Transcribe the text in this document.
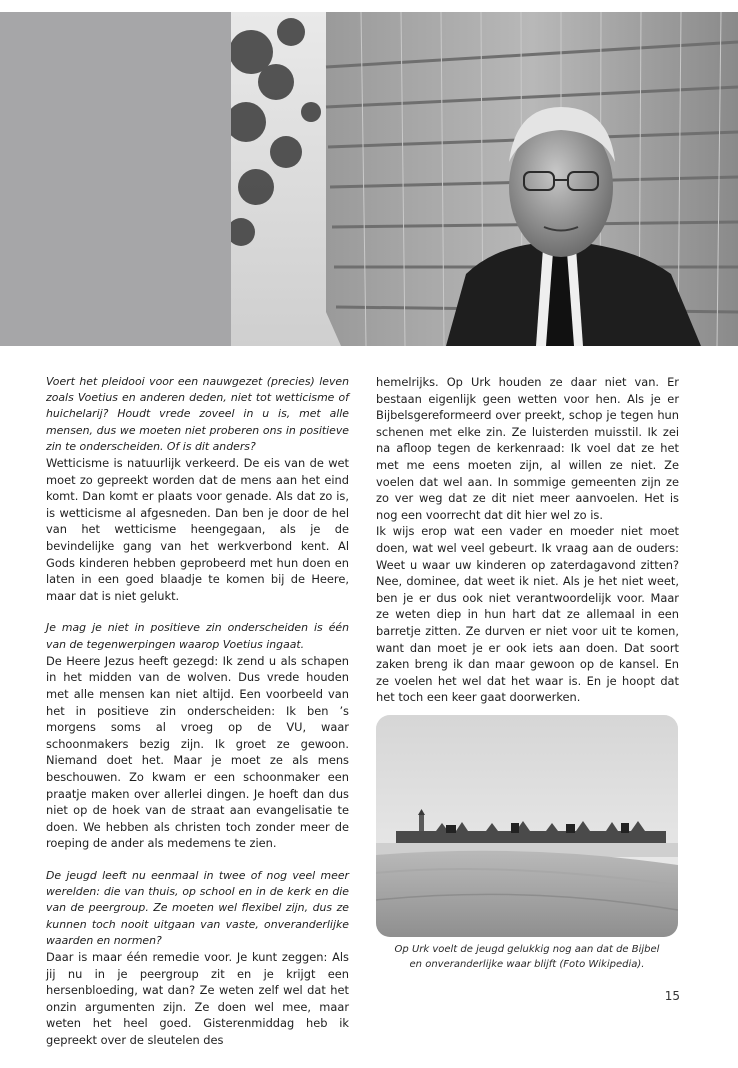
Voert het pleidooi voor een nauwgezet (precies) leven zoals Voetius en anderen deden, niet tot wetticisme of huichelarij? Houdt vrede zoveel in u is, met alle mensen, dus we moeten niet proberen ons in positieve zin te onderscheiden. Of is dit anders?

Wetticisme is natuurlijk verkeerd. De eis van de wet moet zo gepreekt worden dat de mens aan het eind komt. Dan komt er plaats voor genade. Als dat zo is, is wetticisme al afgesneden. Dan ben je door de hel van het wetticisme heengegaan, als je de bevindelijke gang van het werkverbond kent. Al Gods kinderen hebben geprobeerd met hun doen en laten in een goed blaadje te komen bij de Heere, maar dat is niet gelukt.

Je mag je niet in positieve zin onderscheiden is één van de tegenwerpingen waarop Voetius ingaat.

De Heere Jezus heeft gezegd: Ik zend u als schapen in het midden van de wolven. Dus vrede houden met alle mensen kan niet altijd. Een voorbeeld van het in positieve zin onderscheiden: Ik ben ’s morgens soms al vroeg op de VU, waar schoonmakers bezig zijn. Ik groet ze gewoon. Niemand doet het. Maar je moet ze als mens beschouwen. Zo kwam er een schoonmaker een praatje maken over allerlei dingen. Je hoeft dan dus niet op de hoek van de straat aan evangelisatie te doen. We hebben als christen toch zonder meer de roeping de ander als medemens te zien.

De jeugd leeft nu eenmaal in twee of nog veel meer werelden: die van thuis, op school en in de kerk en die van de peergroup. Ze moeten wel flexibel zijn, dus ze kunnen toch nooit uitgaan van vaste, onveranderlijke waarden en normen?

Daar is maar één remedie voor. Je kunt zeggen: Als jij nu in je peergroup zit en je krijgt een hersenbloeding, wat dan? Ze weten zelf wel dat het onzin argumenten zijn. Ze doen wel mee, maar weten het heel goed. Gisterenmiddag heb ik gepreekt over de sleutelen des

hemelrijks. Op Urk houden ze daar niet van. Er bestaan eigenlijk geen wetten voor hen. Als je er Bijbelsgereformeerd over preekt, schop je tegen hun schenen met elke zin. Ze luisterden muisstil. Ik zei na afloop tegen de kerkenraad: Ik voel dat ze het met me eens moeten zijn, al willen ze niet. Ze voelen dat wel aan. In sommige gemeenten zijn ze zo ver weg dat ze dit niet meer aanvoelen. Het is nog een voorrecht dat dit hier wel zo is.

Ik wijs erop wat een vader en moeder niet moet doen, wat wel veel gebeurt. Ik vraag aan de ouders: Weet u waar uw kinderen op zaterdagavond zitten? Nee, dominee, dat weet ik niet. Als je het niet weet, ben je er dus ook niet verantwoordelijk voor. Maar ze weten diep in hun hart dat ze allemaal in een barretje zitten. Ze durven er niet voor uit te komen, want dan moet je er ook iets aan doen. Dat soort zaken breng ik dan maar gewoon op de kansel. En ze voelen het wel dat het waar is. En je hoopt dat het toch een keer gaat doorwerken.

Op Urk voelt de jeugd gelukkig nog aan dat de Bijbel
en onveranderlijke waar blijft (Foto Wikipedia).
15
